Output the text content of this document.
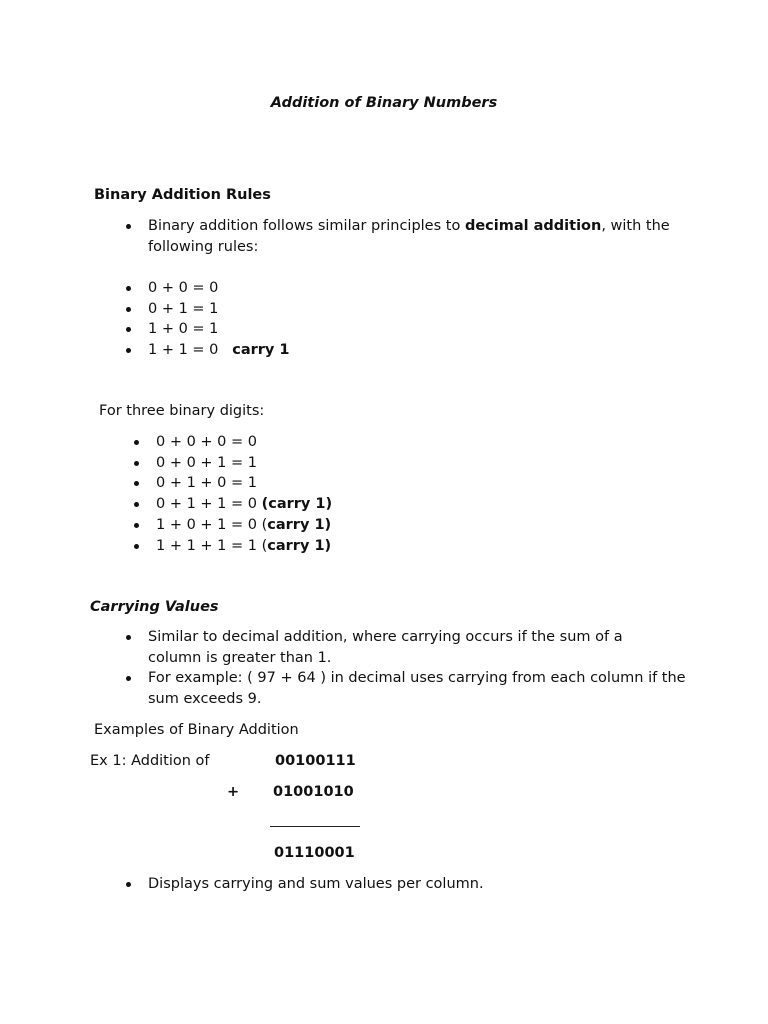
Addition of Binary Numbers
Binary Addition Rules
Binary addition follows similar principles to decimal addition, with the
following rules:
0 + 0 = 0
0 + 1 = 1
1 + 0 = 1
1 + 1 = 0   carry 1
For three binary digits:
0 + 0 + 0 = 0
0 + 0 + 1 = 1
0 + 1 + 0 = 1
0 + 1 + 1 = 0 (carry 1)
1 + 0 + 1 = 0 (carry 1)
1 + 1 + 1 = 1 (carry 1)
Carrying Values
Similar to decimal addition, where carrying occurs if the sum of a
column is greater than 1.
For example: ( 97 + 64 ) in decimal uses carrying from each column if the
sum exceeds 9.
Examples of Binary Addition
Ex 1: Addition of	00100111
+ 01001010
01110001
Displays carrying and sum values per column.
